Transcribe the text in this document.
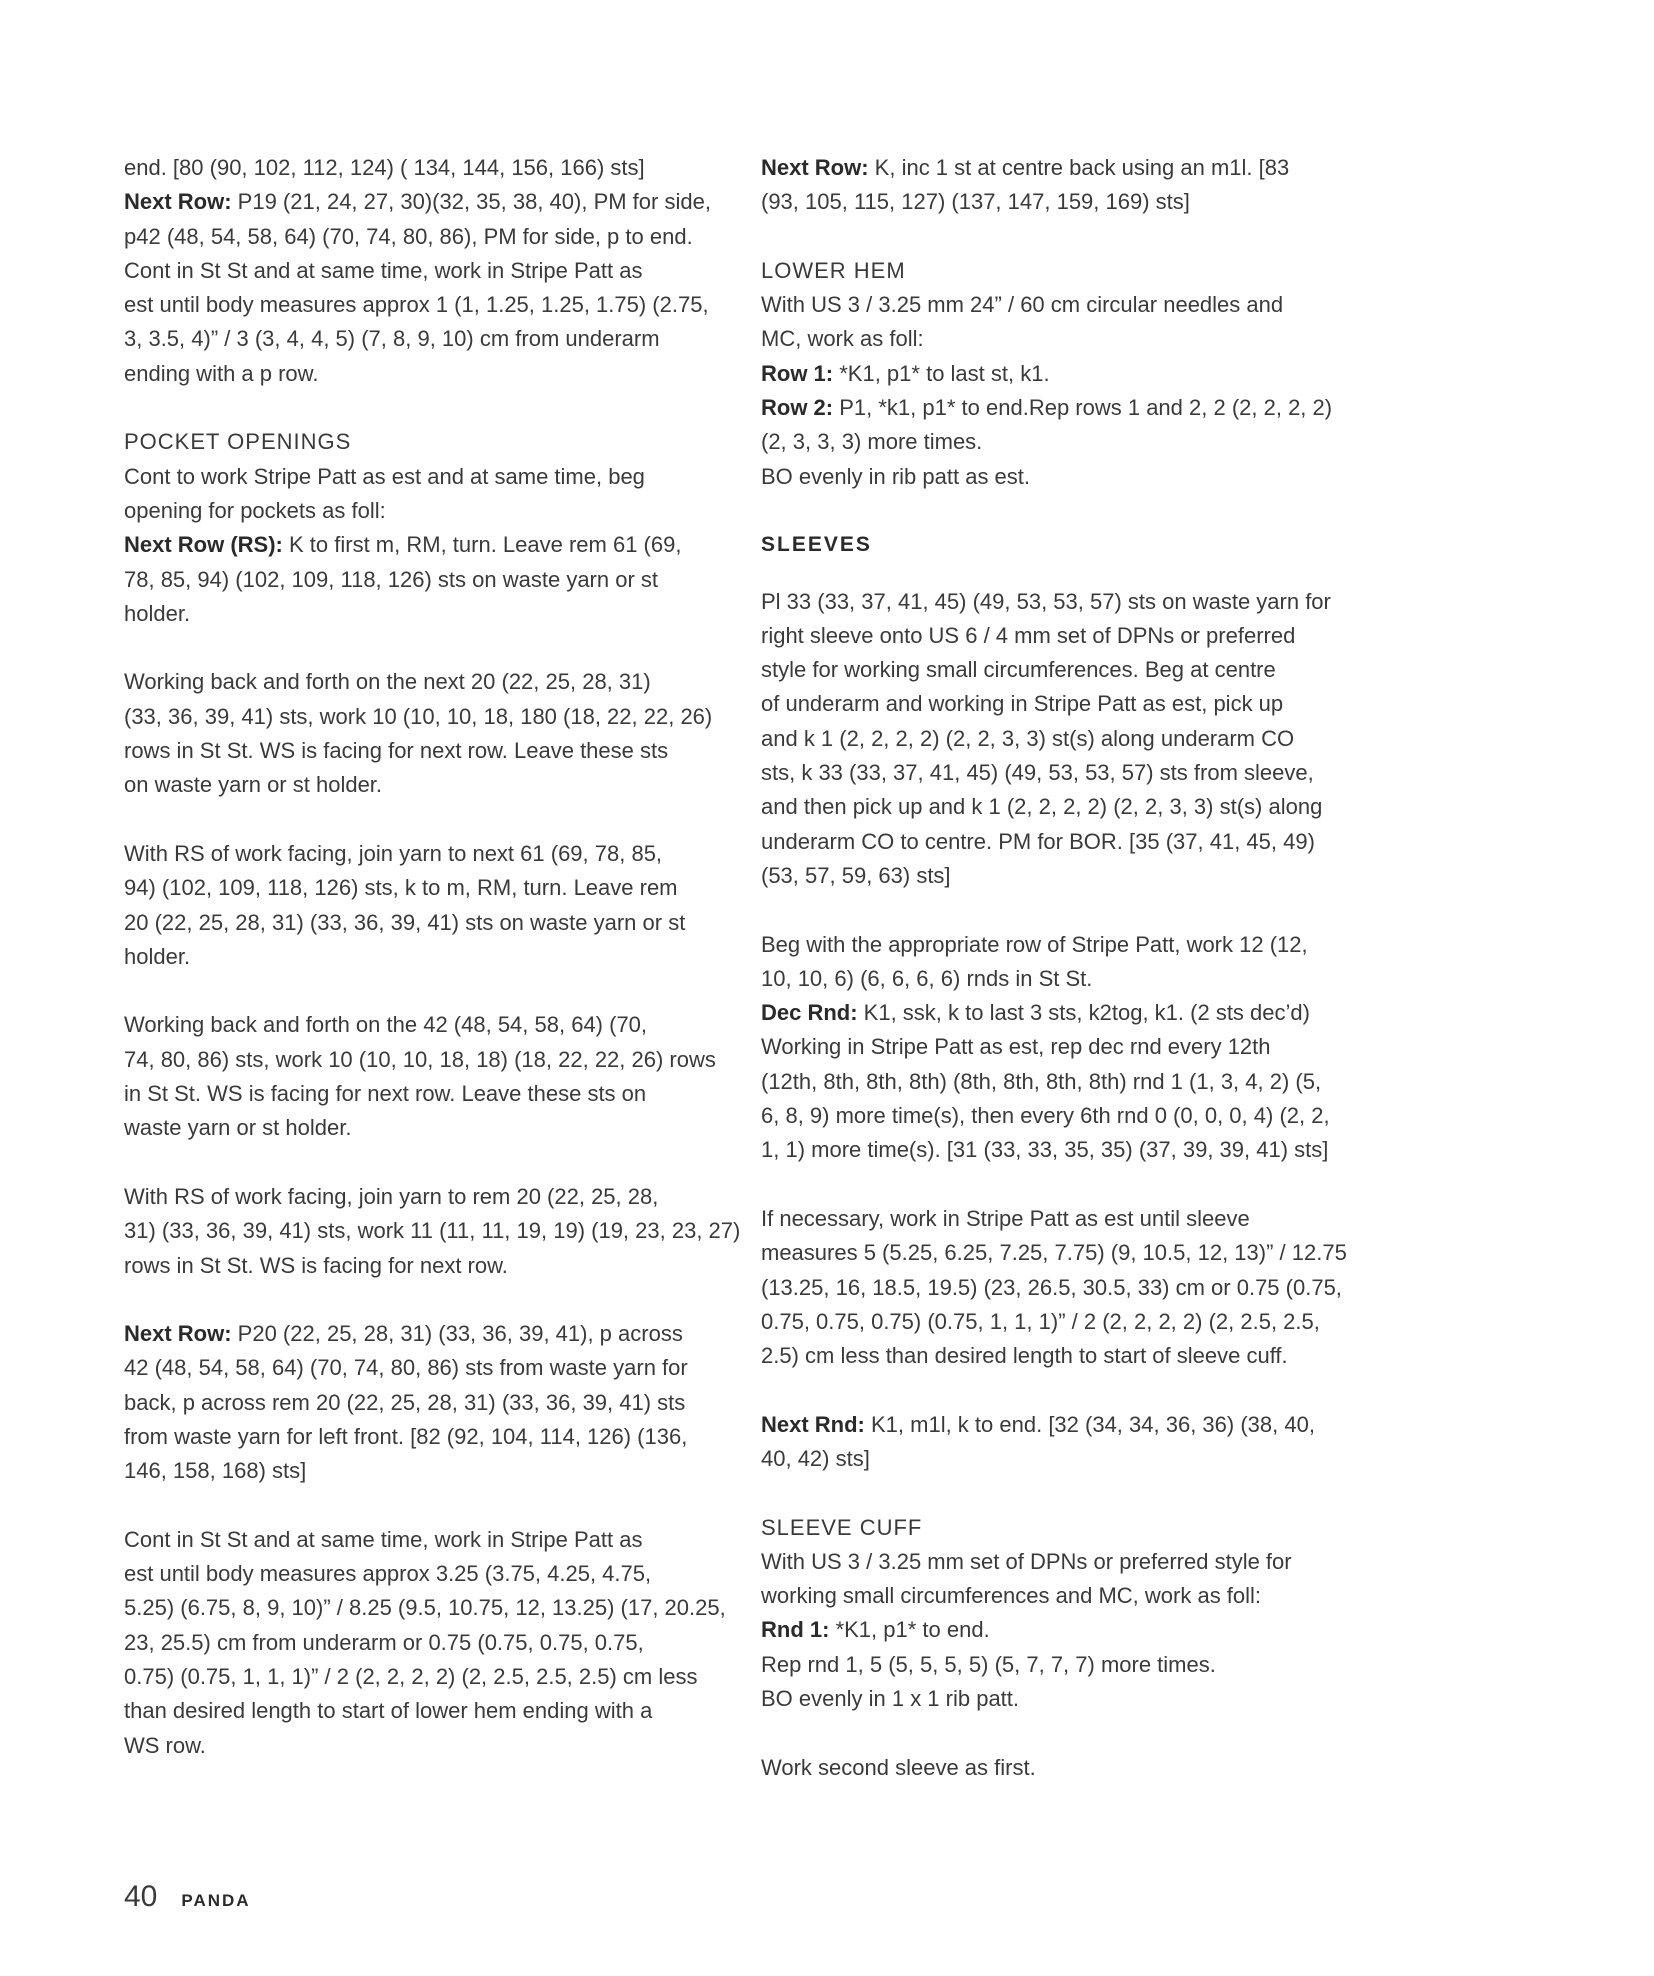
end. [80 (90, 102, 112, 124) ( 134, 144, 156, 166) sts]
Next Row: P19 (21, 24, 27, 30)(32, 35, 38, 40), PM for side,
p42 (48, 54, 58, 64) (70, 74, 80, 86), PM for side, p to end.
Cont in St St and at same time, work in Stripe Patt as
est until body measures approx 1 (1, 1.25, 1.25, 1.75) (2.75,
3, 3.5, 4)” / 3 (3, 4, 4, 5) (7, 8, 9, 10) cm from underarm
ending with a p row.
POCKET OPENINGS
Cont to work Stripe Patt as est and at same time, beg
opening for pockets as foll:
Next Row (RS): K to first m, RM, turn. Leave rem 61 (69,
78, 85, 94) (102, 109, 118, 126) sts on waste yarn or st
holder.
Working back and forth on the next 20 (22, 25, 28, 31)
(33, 36, 39, 41) sts, work 10 (10, 10, 18, 180 (18, 22, 22, 26)
rows in St St. WS is facing for next row. Leave these sts
on waste yarn or st holder.
With RS of work facing, join yarn to next 61 (69, 78, 85,
94) (102, 109, 118, 126) sts, k to m, RM, turn. Leave rem
20 (22, 25, 28, 31) (33, 36, 39, 41) sts on waste yarn or st
holder.
Working back and forth on the 42 (48, 54, 58, 64) (70,
74, 80, 86) sts, work 10 (10, 10, 18, 18) (18, 22, 22, 26) rows
in St St. WS is facing for next row. Leave these sts on
waste yarn or st holder.
With RS of work facing, join yarn to rem 20 (22, 25, 28,
31) (33, 36, 39, 41) sts, work 11 (11, 11, 19, 19) (19, 23, 23, 27)
rows in St St. WS is facing for next row.
Next Row: P20 (22, 25, 28, 31) (33, 36, 39, 41), p across
42 (48, 54, 58, 64) (70, 74, 80, 86) sts from waste yarn for
back, p across rem 20 (22, 25, 28, 31) (33, 36, 39, 41) sts
from waste yarn for left front. [82 (92, 104, 114, 126) (136,
146, 158, 168) sts]
Cont in St St and at same time, work in Stripe Patt as
est until body measures approx 3.25 (3.75, 4.25, 4.75,
5.25) (6.75, 8, 9, 10)” / 8.25 (9.5, 10.75, 12, 13.25) (17, 20.25,
23, 25.5) cm from underarm or 0.75 (0.75, 0.75, 0.75,
0.75) (0.75, 1, 1, 1)” / 2 (2, 2, 2, 2) (2, 2.5, 2.5, 2.5) cm less
than desired length to start of lower hem ending with a
WS row.
Next Row: K, inc 1 st at centre back using an m1l. [83
(93, 105, 115, 127) (137, 147, 159, 169) sts]
LOWER HEM
With US 3 / 3.25 mm 24” / 60 cm circular needles and
MC, work as foll:
Row 1: *K1, p1* to last st, k1.
Row 2: P1, *k1, p1* to end.Rep rows 1 and 2, 2 (2, 2, 2, 2)
(2, 3, 3, 3) more times.
BO evenly in rib patt as est.
SLEEVES
Pl 33 (33, 37, 41, 45) (49, 53, 53, 57) sts on waste yarn for
right sleeve onto US 6 / 4 mm set of DPNs or preferred
style for working small circumferences. Beg at centre
of underarm and working in Stripe Patt as est, pick up
and k 1 (2, 2, 2, 2) (2, 2, 3, 3) st(s) along underarm CO
sts, k 33 (33, 37, 41, 45) (49, 53, 53, 57) sts from sleeve,
and then pick up and k 1 (2, 2, 2, 2) (2, 2, 3, 3) st(s) along
underarm CO to centre. PM for BOR. [35 (37, 41, 45, 49)
(53, 57, 59, 63) sts]
Beg with the appropriate row of Stripe Patt, work 12 (12,
10, 10, 6) (6, 6, 6, 6) rnds in St St.
Dec Rnd: K1, ssk, k to last 3 sts, k2tog, k1. (2 sts dec’d)
Working in Stripe Patt as est, rep dec rnd every 12th
(12th, 8th, 8th, 8th) (8th, 8th, 8th, 8th) rnd 1 (1, 3, 4, 2) (5,
6, 8, 9) more time(s), then every 6th rnd 0 (0, 0, 0, 4) (2, 2,
1, 1) more time(s). [31 (33, 33, 35, 35) (37, 39, 39, 41) sts]
If necessary, work in Stripe Patt as est until sleeve
measures 5 (5.25, 6.25, 7.25, 7.75) (9, 10.5, 12, 13)” / 12.75
(13.25, 16, 18.5, 19.5) (23, 26.5, 30.5, 33) cm or 0.75 (0.75,
0.75, 0.75, 0.75) (0.75, 1, 1, 1)” / 2 (2, 2, 2, 2) (2, 2.5, 2.5,
2.5) cm less than desired length to start of sleeve cuff.
Next Rnd: K1, m1l, k to end. [32 (34, 34, 36, 36) (38, 40,
40, 42) sts]
SLEEVE CUFF
With US 3 / 3.25 mm set of DPNs or preferred style for
working small circumferences and MC, work as foll:
Rnd 1: *K1, p1* to end.
Rep rnd 1, 5 (5, 5, 5, 5) (5, 7, 7, 7) more times.
BO evenly in 1 x 1 rib patt.
Work second sleeve as first.
40 PANDA
